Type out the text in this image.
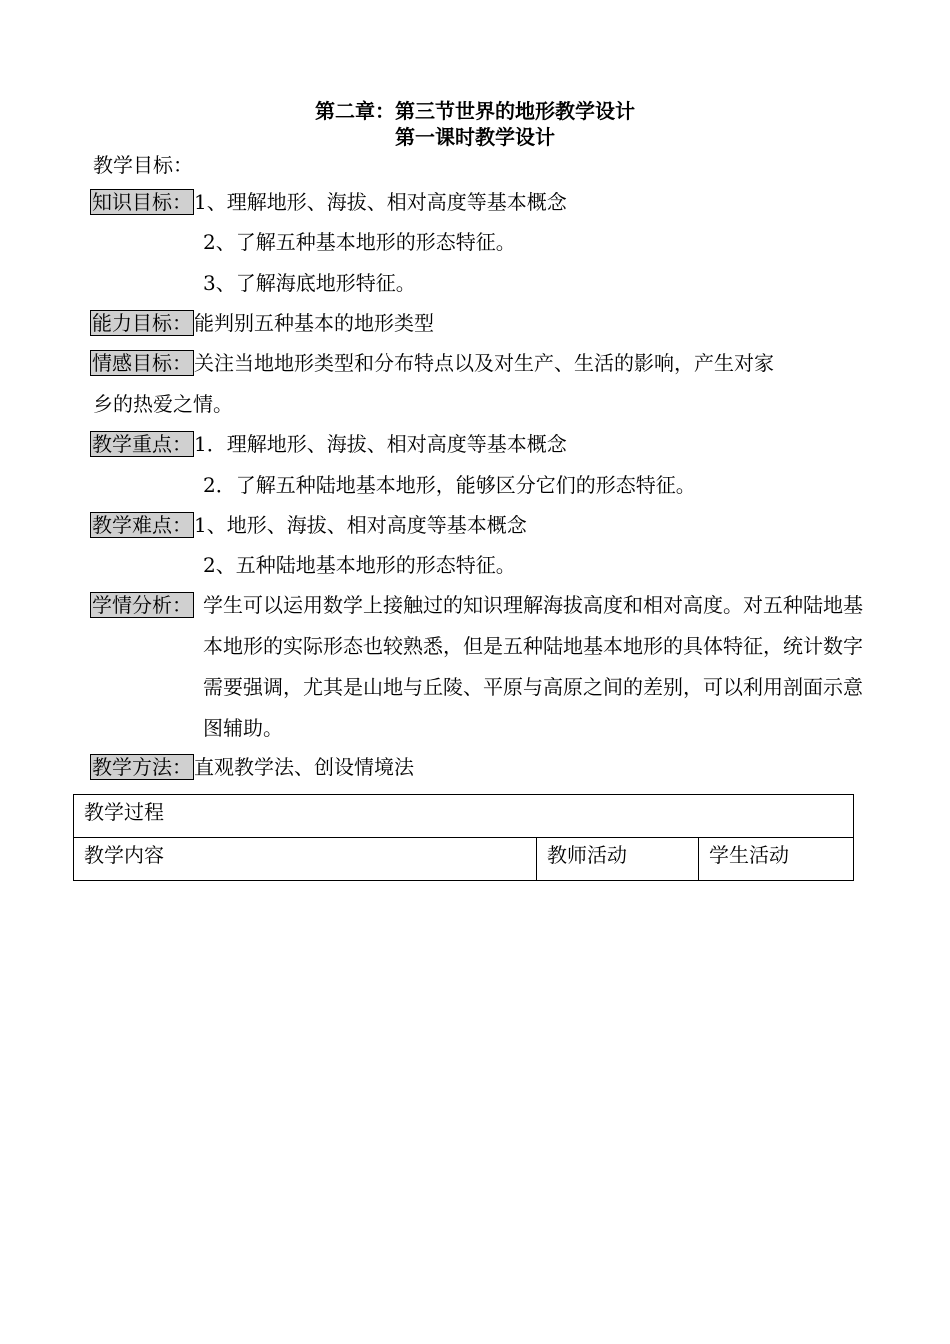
第二章：第三节世界的地形教学设计
第一课时教学设计
教学目标：
知识目标： 1、理解地形、海拔、相对高度等基本概念
2、了解五种基本地形的形态特征。
3、了解海底地形特征。
能力目标： 能判别五种基本的地形类型
情感目标： 关注当地地形类型和分布特点以及对生产、生活的影响，产生对家
乡的热爱之情。
教学重点： 1．理解地形、海拔、相对高度等基本概念
2．了解五种陆地基本地形，能够区分它们的形态特征。
教学难点： 1、地形、海拔、相对高度等基本概念
2、五种陆地基本地形的形态特征。
学情分析： 学生可以运用数学上接触过的知识理解海拔高度和相对高度。对五种陆地基本地形的实际形态也较熟悉，但是五种陆地基本地形的具体特征，统计数字需要强调，尤其是山地与丘陵、平原与高原之间的差别，可以利用剖面示意图辅助。
教学方法： 直观教学法、创设情境法
教学过程
教学内容	教师活动	学生活动
